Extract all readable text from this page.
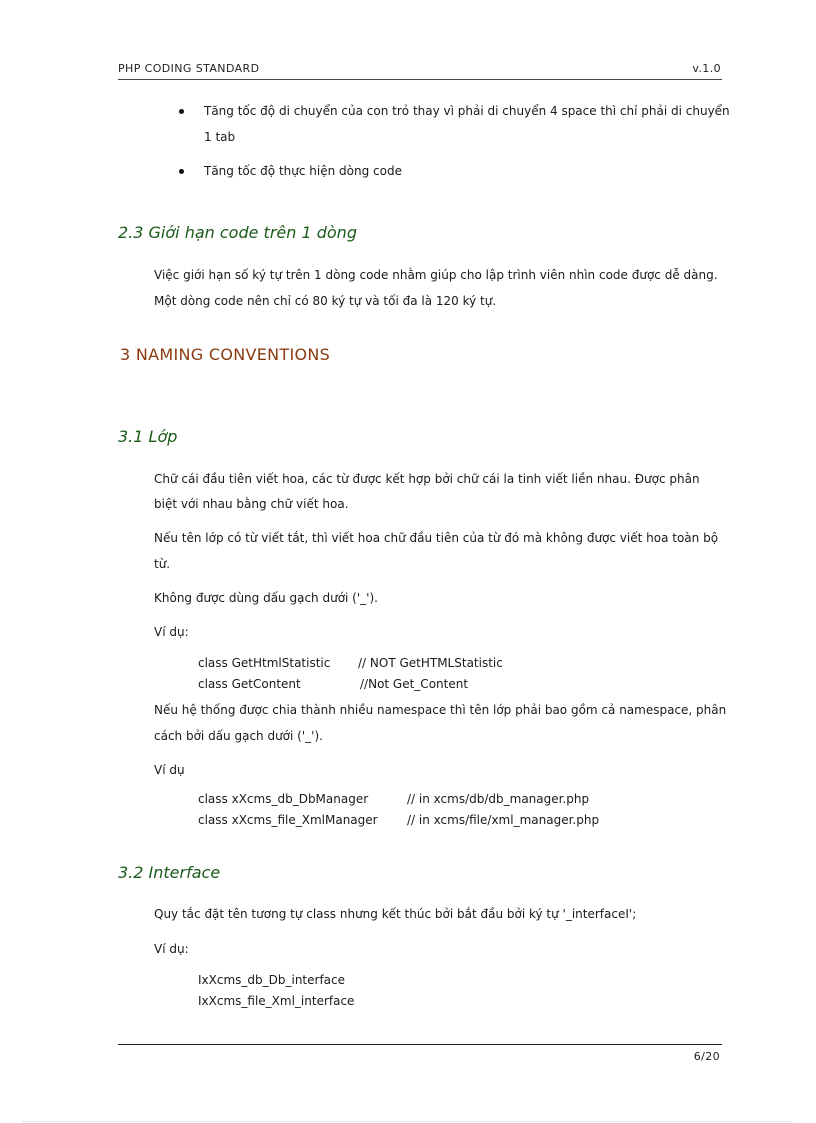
PHP CODING STANDARD	v.1.0
Tăng tốc độ di chuyển của con trỏ thay vì phải di chuyển 4 space thì chỉ phải di chuyển
1 tab
Tăng tốc độ thực hiện dòng code
2.3 Giới hạn code trên 1 dòng
Việc giới hạn số ký tự trên 1 dòng code nhằm giúp cho lập trình viên nhìn code được dễ dàng.
Một dòng code nên chỉ có 80 ký tự và tối đa là 120 ký tự.
3 NAMING CONVENTIONS
3.1 Lớp
Chữ cái đầu tiên viết hoa, các từ được kết hợp bởi chữ cái la tinh viết liền nhau. Được phân
biệt với nhau bằng chữ viết hoa.
Nếu tên lớp có từ viết tắt, thì viết hoa chữ đầu tiên của từ đó mà không được viết hoa toàn bộ
từ.
Không được dùng dấu gạch dưới ('_').
Ví dụ:
class GetHtmlStatistic // NOT GetHTMLStatistic
class GetContent	//Not Get_Content
Nếu hệ thống được chia thành nhiều namespace thì tên lớp phải bao gồm cả namespace, phân
cách bởi dấu gạch dưới ('_').
Ví dụ
class xXcms_db_DbManager	// in xcms/db/db_manager.php
class xXcms_file_XmlManager // in xcms/file/xml_manager.php
3.2 Interface
Quy tắc đặt tên tương tự class nhưng kết thúc bởi bắt đầu bởi ký tự '_interfaceI';
Ví dụ:
IxXcms_db_Db_interface
IxXcms_file_Xml_interface
6/20
